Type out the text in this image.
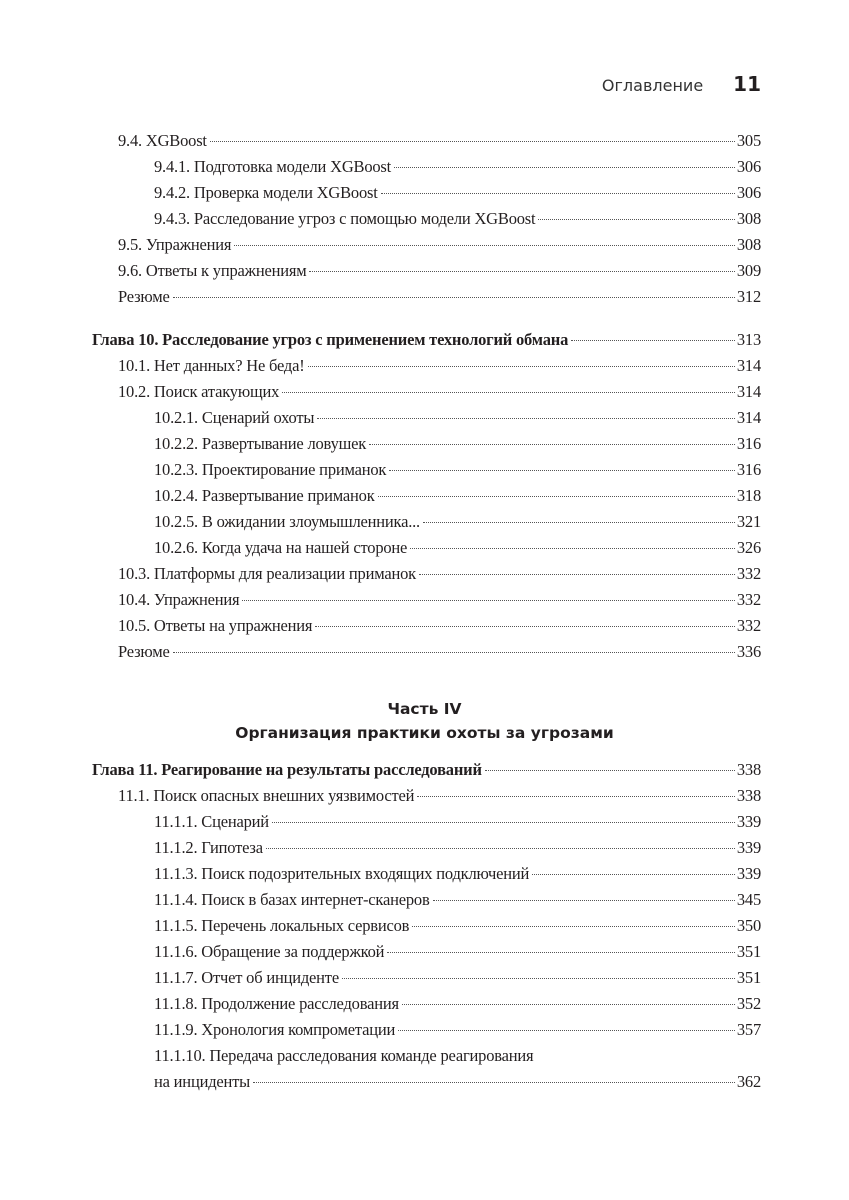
Оглавление 11
9.4. XGBoost	305
9.4.1. Подготовка модели XGBoost	306
9.4.2. Проверка модели XGBoost	306
9.4.3. Расследование угроз с помощью модели XGBoost	308
9.5. Упражнения	308
9.6. Ответы к упражнениям	309
Резюме	312
Глава 10. Расследование угроз с применением технологий обмана	313
10.1. Нет данных? Не беда!	314
10.2. Поиск атакующих	314
10.2.1. Сценарий охоты	314
10.2.2. Развертывание ловушек	316
10.2.3. Проектирование приманок	316
10.2.4. Развертывание приманок	318
10.2.5. В ожидании злоумышленника...	321
10.2.6. Когда удача на нашей стороне	326
10.3. Платформы для реализации приманок	332
10.4. Упражнения	332
10.5. Ответы на упражнения	332
Резюме	336
Часть IV
Организация практики охоты за угрозами
Глава 11. Реагирование на результаты расследований	338
11.1. Поиск опасных внешних уязвимостей	338
11.1.1. Сценарий	339
11.1.2. Гипотеза	339
11.1.3. Поиск подозрительных входящих подключений	339
11.1.4. Поиск в базах интернет-сканеров	345
11.1.5. Перечень локальных сервисов	350
11.1.6. Обращение за поддержкой	351
11.1.7. Отчет об инциденте	351
11.1.8. Продолжение расследования	352
11.1.9. Хронология компрометации	357
11.1.10. Передача расследования команде реагирования
на инциденты	362
